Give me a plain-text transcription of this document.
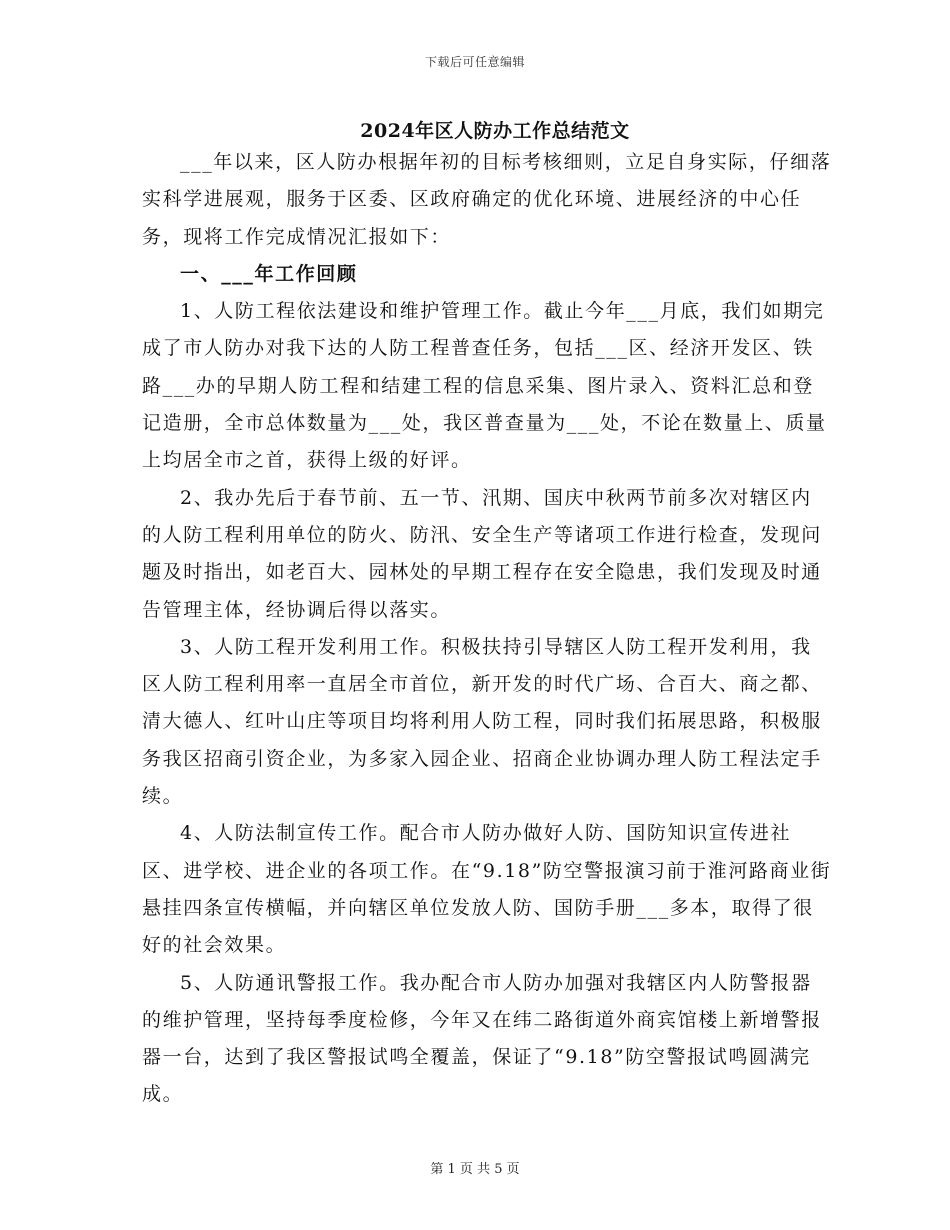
下载后可任意编辑
2024年区人防办工作总结范文

___年以来，区人防办根据年初的目标考核细则，立足自身实际，仔细落实科学进展观，服务于区委、区政府确定的优化环境、进展经济的中心任务，现将工作完成情况汇报如下：

一、___年工作回顾

1、人防工程依法建设和维护管理工作。截止今年___月底，我们如期完成了市人防办对我下达的人防工程普查任务，包括___区、经济开发区、铁路___办的早期人防工程和结建工程的信息采集、图片录入、资料汇总和登记造册，全市总体数量为___处，我区普查量为___处，不论在数量上、质量上均居全市之首，获得上级的好评。

2、我办先后于春节前、五一节、汛期、国庆中秋两节前多次对辖区内的人防工程利用单位的防火、防汛、安全生产等诸项工作进行检查，发现问题及时指出，如老百大、园林处的早期工程存在安全隐患，我们发现及时通告管理主体，经协调后得以落实。

3、人防工程开发利用工作。积极扶持引导辖区人防工程开发利用，我区人防工程利用率一直居全市首位，新开发的时代广场、合百大、商之都、清大德人、红叶山庄等项目均将利用人防工程，同时我们拓展思路，积极服务我区招商引资企业，为多家入园企业、招商企业协调办理人防工程法定手续。

4、人防法制宣传工作。配合市人防办做好人防、国防知识宣传进社区、进学校、进企业的各项工作。在“9.18”防空警报演习前于淮河路商业街悬挂四条宣传横幅，并向辖区单位发放人防、国防手册___多本，取得了很好的社会效果。

5、人防通讯警报工作。我办配合市人防办加强对我辖区内人防警报器的维护管理，坚持每季度检修，今年又在纬二路街道外商宾馆楼上新增警报器一台，达到了我区警报试鸣全覆盖，保证了“9.18”防空警报试鸣圆满完成。

第 1 页 共 5 页
